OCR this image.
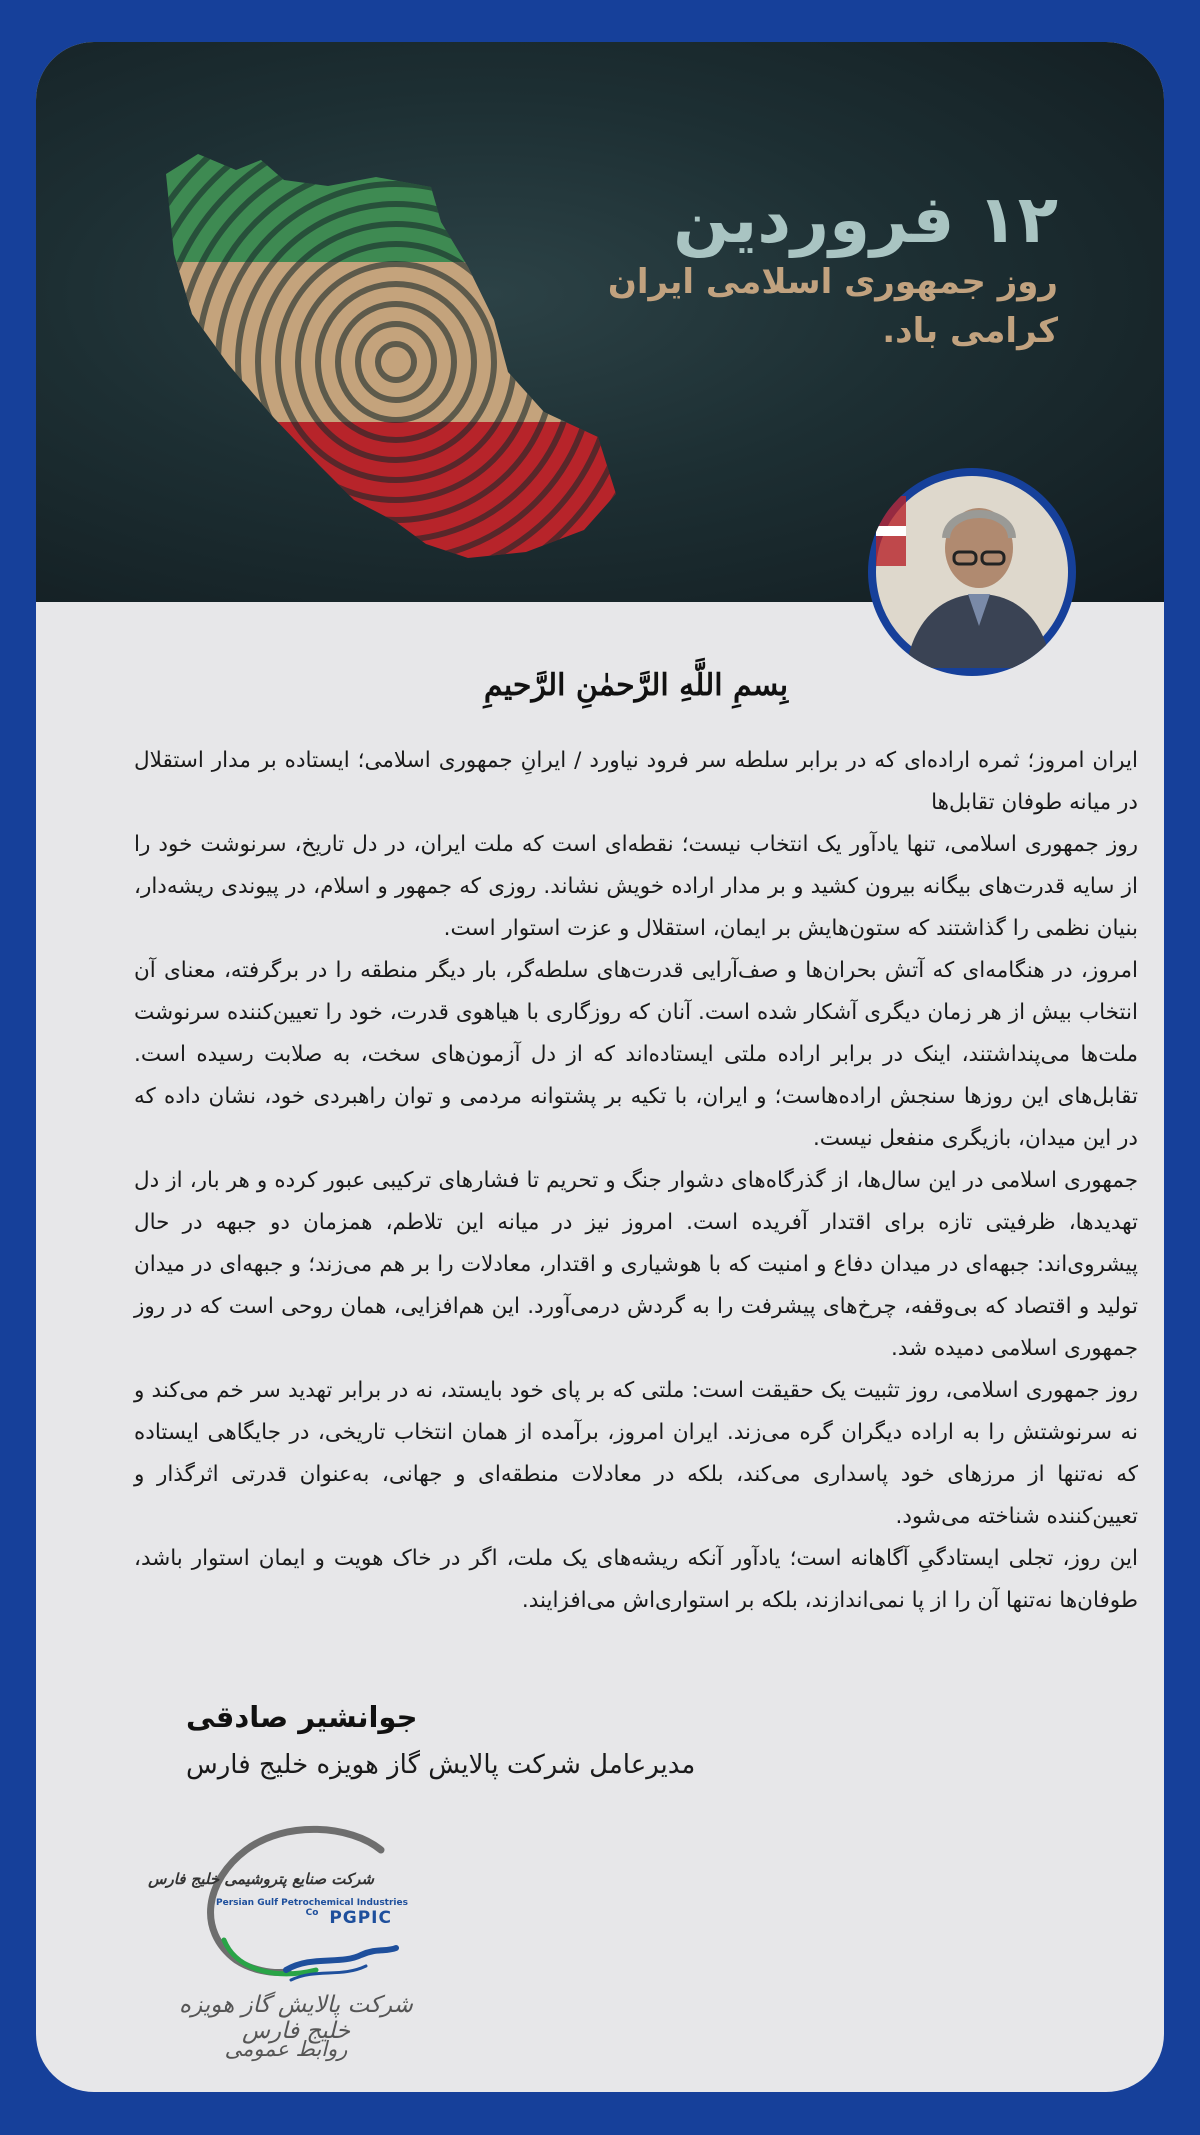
۱۲ فروردین
روز جمهوری اسلامی ایران
کرامی باد.
بِسمِ اللَّهِ الرَّحمٰنِ الرَّحيمِ

ایران امروز؛ ثمره اراده‌ای که در برابر سلطه سر فرود نیاورد / ایرانِ جمهوری اسلامی؛ ایستاده بر مدار استقلال در میانه طوفان تقابل‌ها

روز جمهوری اسلامی، تنها یادآور یک انتخاب نیست؛ نقطه‌ای است که ملت ایران، در دل تاریخ، سرنوشت خود را از سایه قدرت‌های بیگانه بیرون کشید و بر مدار اراده خویش نشاند. روزی که جمهور و اسلام، در پیوندی ریشه‌دار، بنیان نظمی را گذاشتند که ستون‌هایش بر ایمان، استقلال و عزت استوار است.

امروز، در هنگامه‌ای که آتش بحران‌ها و صف‌آرایی قدرت‌های سلطه‌گر، بار دیگر منطقه را در برگرفته، معنای آن انتخاب بیش از هر زمان دیگری آشکار شده است. آنان که روزگاری با هیاهوی قدرت، خود را تعیین‌کننده سرنوشت ملت‌ها می‌پنداشتند، اینک در برابر اراده ملتی ایستاده‌اند که از دل آزمون‌های سخت، به صلابت رسیده است. تقابل‌های این روزها سنجش اراده‌هاست؛ و ایران، با تکیه بر پشتوانه مردمی و توان راهبردی خود، نشان داده که در این میدان، بازیگری منفعل نیست.

جمهوری اسلامی در این سال‌ها، از گذرگاه‌های دشوار جنگ و تحریم تا فشارهای ترکیبی عبور کرده و هر بار، از دل تهدیدها، ظرفیتی تازه برای اقتدار آفریده است. امروز نیز در میانه این تلاطم، همزمان دو جبهه در حال پیشروی‌اند: جبهه‌ای در میدان دفاع و امنیت که با هوشیاری و اقتدار، معادلات را بر هم می‌زند؛ و جبهه‌ای در میدان تولید و اقتصاد که بی‌وقفه، چرخ‌های پیشرفت را به گردش درمی‌آورد. این هم‌افزایی، همان روحی است که در روز جمهوری اسلامی دمیده شد.

روز جمهوری اسلامی، روز تثبیت یک حقیقت است: ملتی که بر پای خود بایستد، نه در برابر تهدید سر خم می‌کند و نه سرنوشتش را به اراده دیگران گره می‌زند. ایران امروز، برآمده از همان انتخاب تاریخی، در جایگاهی ایستاده که نه‌تنها از مرزهای خود پاسداری می‌کند، بلکه در معادلات منطقه‌ای و جهانی، به‌عنوان قدرتی اثرگذار و تعیین‌کننده شناخته می‌شود.

این روز، تجلی ایستادگیِ آگاهانه است؛ یادآور آنکه ریشه‌های یک ملت، اگر در خاک هویت و ایمان استوار باشد، طوفان‌ها نه‌تنها آن را از پا نمی‌اندازند، بلکه بر استواری‌اش می‌افزایند.

جوانشیر صادقی
مدیرعامل شرکت پالایش گاز هویزه خلیج فارس
شرکت صنایع پتروشیمی خلیج فارس
Persian Gulf Petrochemical Industries Co PGPIC
شرکت پالایش گاز هویزه خلیج فارس
روابط عمومی
